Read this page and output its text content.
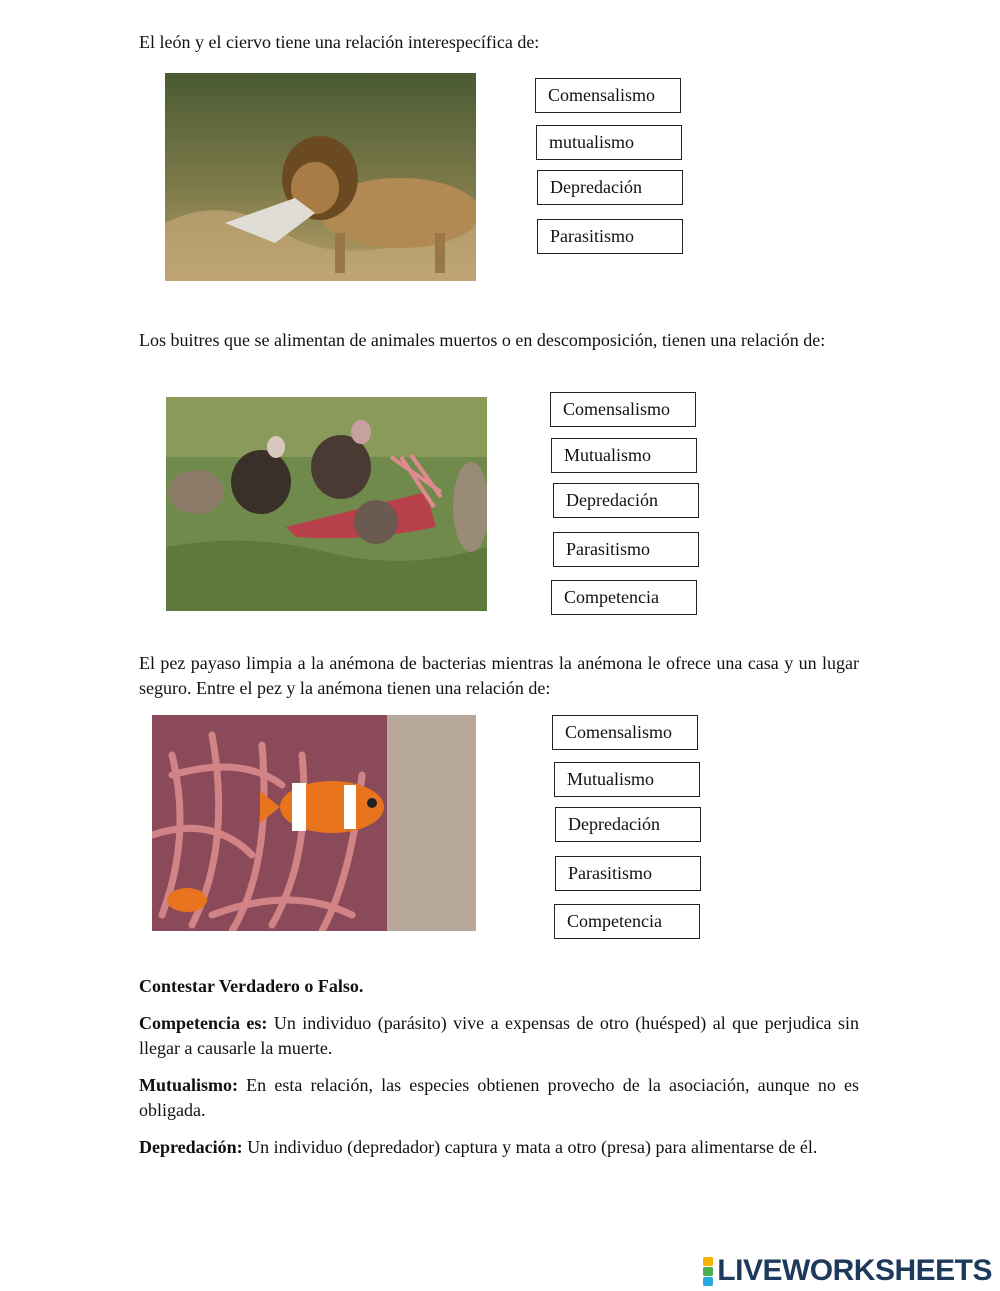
El león y el ciervo tiene una relación interespecífica de:
Comensalismo
mutualismo
Depredación
Parasitismo
Los buitres que se alimentan de animales muertos o en descomposición, tienen una relación de:
Comensalismo
Mutualismo
Depredación
Parasitismo
Competencia
El pez payaso limpia a la anémona de bacterias mientras la anémona le ofrece una casa y un lugar seguro. Entre el pez y la anémona tienen una relación de:
Comensalismo
Mutualismo
Depredación
Parasitismo
Competencia
Contestar Verdadero o Falso.
Competencia es: Un individuo (parásito) vive a expensas de otro (huésped) al que perjudica sin llegar a causarle la muerte.
Mutualismo: En esta relación, las especies obtienen provecho de la asociación, aunque no es obligada.
Depredación: Un individuo (depredador) captura y mata a otro (presa) para alimentarse de él.
LIVEWORKSHEETS
